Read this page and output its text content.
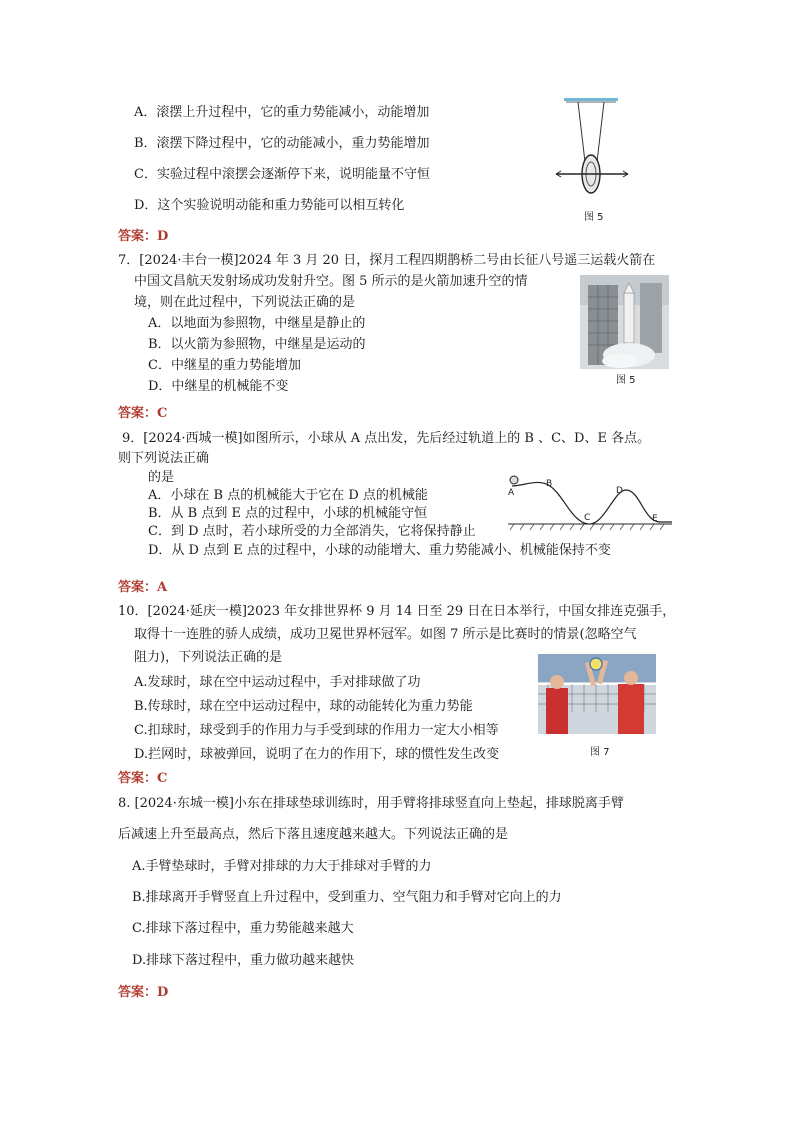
A．滚摆上升过程中，它的重力势能减小，动能增加
B．滚摆下降过程中，它的动能减小，重力势能增加
C．实验过程中滚摆会逐渐停下来，说明能量不守恒
D．这个实验说明动能和重力势能可以相互转化
图 5
答案：D
7．[2024·丰台一模]2024 年 3 月 20 日，探月工程四期鹊桥二号由长征八号遥三运载火箭在
中国文昌航天发射场成功发射升空。图 5 所示的是火箭加速升空的情
境，则在此过程中，下列说法正确的是
A．以地面为参照物，中继星是静止的
B．以火箭为参照物，中继星是运动的
C．中继星的重力势能增加
D．中继星的机械能不变	图 5
答案：C
9．[2024·西城一模]如图所示，小球从 A 点出发，先后经过轨道上的 B 、C、D、E 各点。
则下列说法正确
的是
A．小球在 B 点的机械能大于它在 D 点的机械能
B．从 B 点到 E 点的过程中，小球的机械能守恒
C．到 D 点时，若小球所受的力全部消失，它将保持静止
D．从 D 点到 E 点的过程中，小球的动能增大、重力势能减小、机械能保持不变
A
B
C
D
E
答案：A
10．[2024·延庆一模]2023 年女排世界杯 9 月 14 日至 29 日在日本举行，中国女排连克强手，
取得十一连胜的骄人成绩，成功卫冕世界杯冠军。如图 7 所示是比赛时的情景(忽略空气
阻力)，下列说法正确的是
A.发球时，球在空中运动过程中，手对排球做了功
B.传球时，球在空中运动过程中，球的动能转化为重力势能
C.扣球时，球受到手的作用力与手受到球的作用力一定大小相等
D.拦网时，球被弹回，说明了在力的作用下，球的惯性发生改变	图 7
答案：C
8. [2024·东城一模]小东在排球垫球训练时，用手臂将排球竖直向上垫起，排球脱离手臂
后减速上升至最高点，然后下落且速度越来越大。下列说法正确的是
A.手臂垫球时，手臂对排球的力大于排球对手臂的力
B.排球离开手臂竖直上升过程中，受到重力、空气阻力和手臂对它向上的力
C.排球下落过程中，重力势能越来越大
D.排球下落过程中，重力做功越来越快
答案：D
